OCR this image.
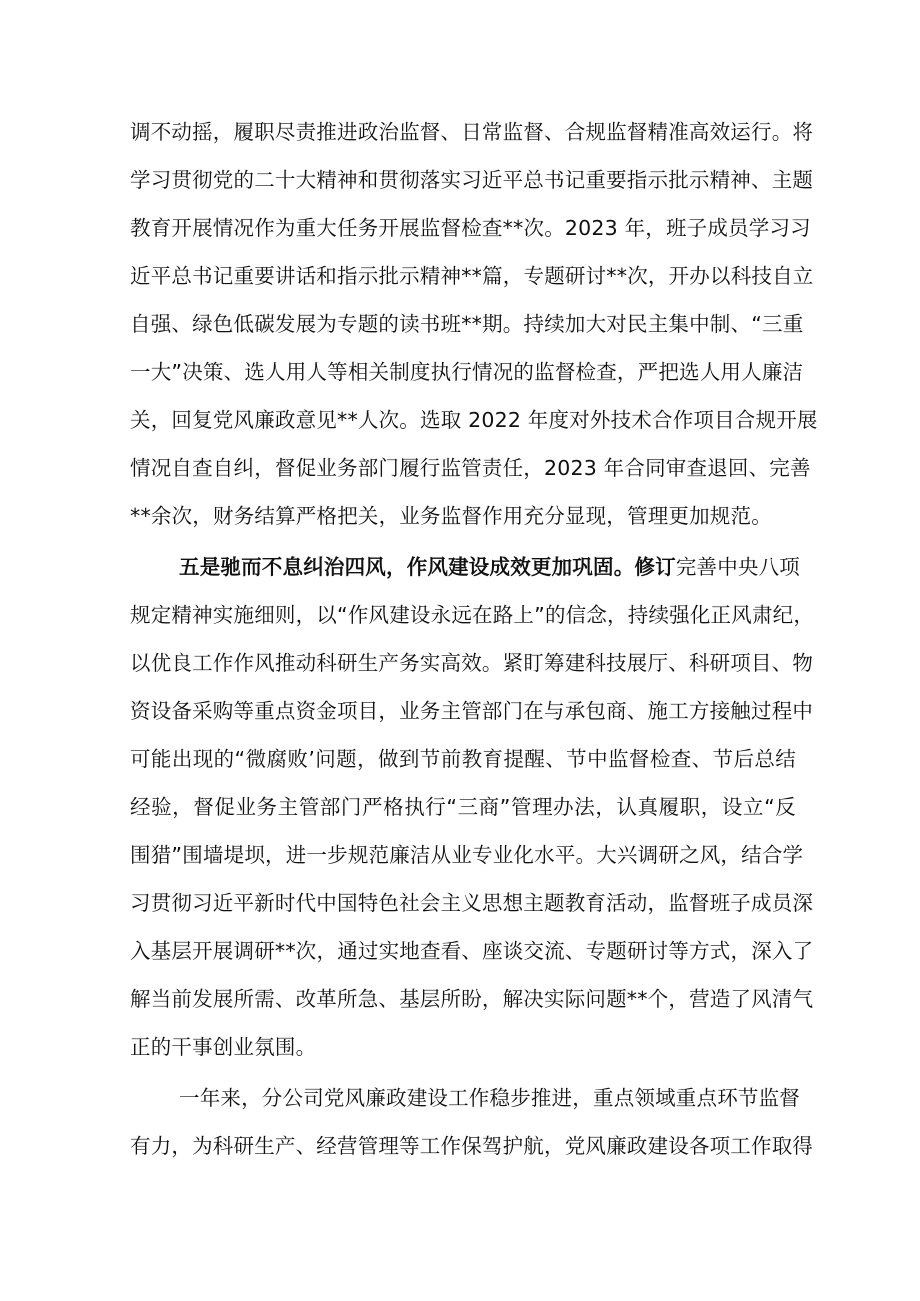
调不动摇，履职尽责推进政治监督、日常监督、合规监督精准高效运行。将
学习贯彻党的二十大精神和贯彻落实习近平总书记重要指示批示精神、主题
教育开展情况作为重大任务开展监督检查**次。2023 年，班子成员学习习
近平总书记重要讲话和指示批示精神**篇，专题研讨**次，开办以科技自立
自强、绿色低碳发展为专题的读书班**期。持续加大对民主集中制、“三重
一大”决策、选人用人等相关制度执行情况的监督检查，严把选人用人廉洁
关，回复党风廉政意见**人次。选取 2022 年度对外技术合作项目合规开展
情况自查自纠，督促业务部门履行监管责任，2023 年合同审查退回、完善
**余次，财务结算严格把关，业务监督作用充分显现，管理更加规范。
五是驰而不息纠治四风，作风建设成效更加巩固。修订完善中央八项
规定精神实施细则，以“作风建设永远在路上”的信念，持续强化正风肃纪，
以优良工作作风推动科研生产务实高效。紧盯筹建科技展厅、科研项目、物
资设备采购等重点资金项目，业务主管部门在与承包商、施工方接触过程中
可能出现的“微腐败’问题，做到节前教育提醒、节中监督检查、节后总结
经验，督促业务主管部门严格执行“三商”管理办法，认真履职，设立“反
围猎”围墙堤坝，进一步规范廉洁从业专业化水平。大兴调研之风，结合学
习贯彻习近平新时代中国特色社会主义思想主题教育活动，监督班子成员深
入基层开展调研**次，通过实地查看、座谈交流、专题研讨等方式，深入了
解当前发展所需、改革所急、基层所盼，解决实际问题**个，营造了风清气
正的干事创业氛围。
一年来，分公司党风廉政建设工作稳步推进，重点领域重点环节监督
有力，为科研生产、经营管理等工作保驾护航，党风廉政建设各项工作取得
